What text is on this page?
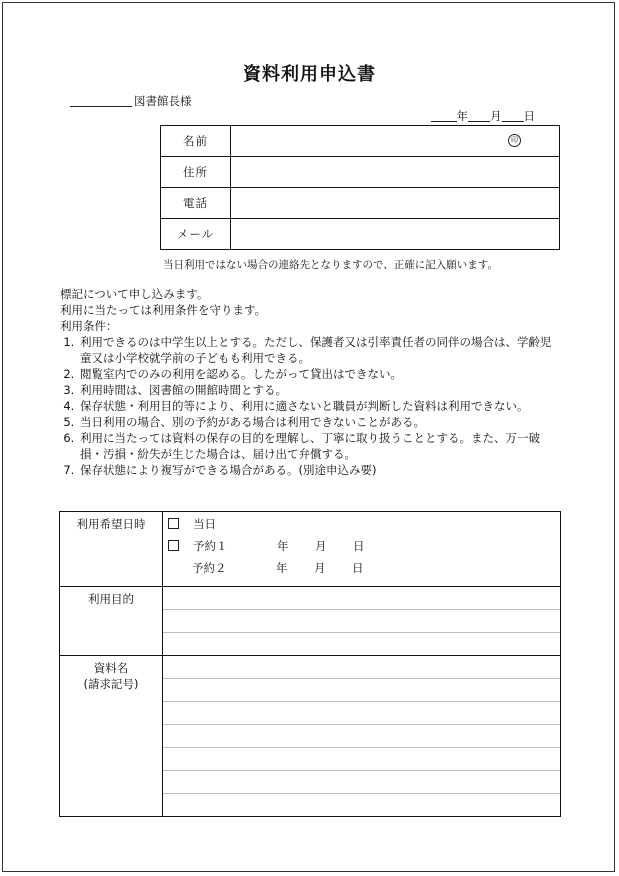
資料利用申込書
図書館長様
年 月 日
名前	印

住所	
電話	
メール	
当日利用ではない場合の連絡先となりますので、正確に記入願います。

標記について申し込みます。

利用に当たっては利用条件を守ります。

利用条件：

1. 利用できるのは中学生以上とする。ただし、保護者又は引率責任者の同伴の場合は、学齢児童又は小学校就学前の子どもも利用できる。
2. 閲覧室内でのみの利用を認める。したがって貸出はできない。
3. 利用時間は、図書館の開館時間とする。
4. 保存状態・利用目的等により、利用に適さないと職員が判断した資料は利用できない。
5. 当日利用の場合、別の予約がある場合は利用できないことがある。
6. 利用に当たっては資料の保存の目的を理解し、丁寧に取り扱うこととする。また、万一破損・汚損・紛失が生じた場合は、届け出て弁償する。
7. 保存状態により複写ができる場合がある。(別途申込み要)
利用希望日時	当日
予約１ 年 月 日
予約２ 年 月 日

利用目的	

資料名
(請求記号)	
